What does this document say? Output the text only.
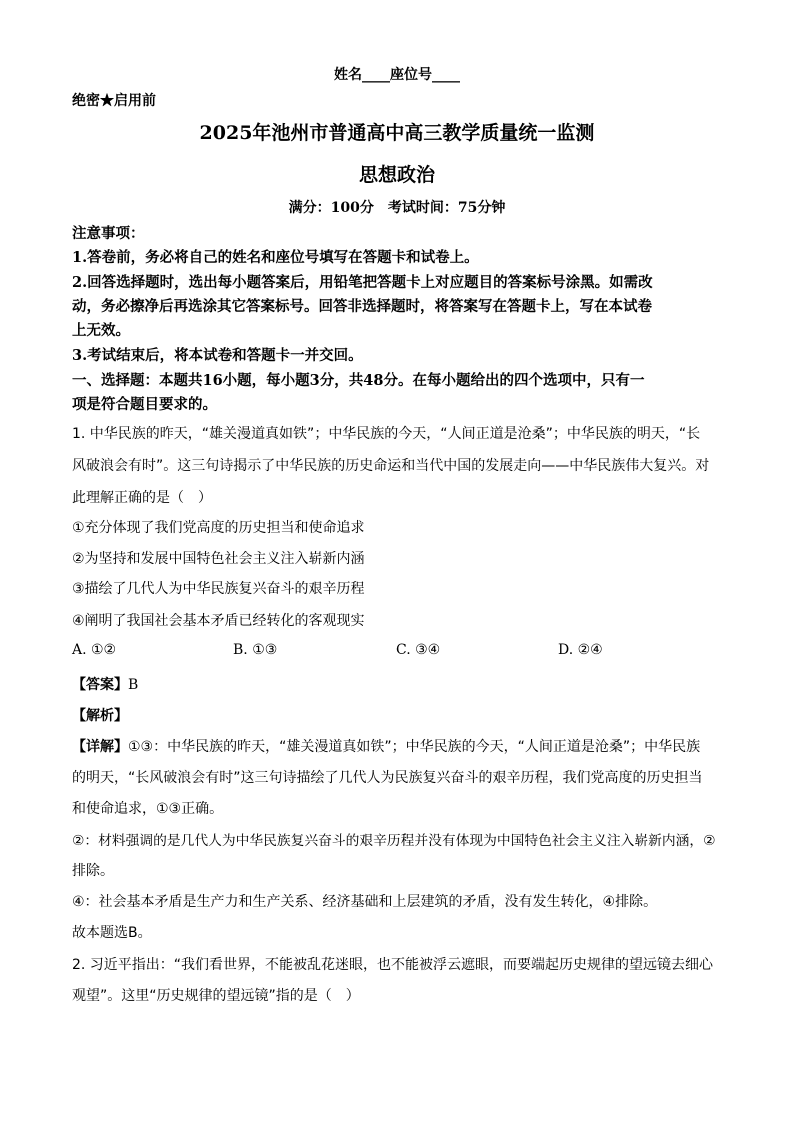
姓名____座位号____
绝密★启用前
2025年池州市普通高中高三教学质量统一监测
思想政治
满分：100分　考试时间：75分钟
注意事项：
1.答卷前，务必将自己的姓名和座位号填写在答题卡和试卷上。
2.回答选择题时，选出每小题答案后，用铅笔把答题卡上对应题目的答案标号涂黑。如需改
动，务必擦净后再选涂其它答案标号。回答非选择题时，将答案写在答题卡上，写在本试卷
上无效。
3.考试结束后，将本试卷和答题卡一并交回。
一、选择题：本题共16小题，每小题3分，共48分。在每小题给出的四个选项中，只有一
项是符合题目要求的。
1. 中华民族的昨天，“雄关漫道真如铁”；中华民族的今天，“人间正道是沧桑”；中华民族的明天，“长
风破浪会有时”。这三句诗揭示了中华民族的历史命运和当代中国的发展走向——中华民族伟大复兴。对
此理解正确的是（　）
①充分体现了我们党高度的历史担当和使命追求
②为坚持和发展中国特色社会主义注入崭新内涵
③描绘了几代人为中华民族复兴奋斗的艰辛历程
④阐明了我国社会基本矛盾已经转化的客观现实
A. ①②	B. ①③	C. ③④	D. ②④
【答案】B
【解析】
【详解】①③：中华民族的昨天，“雄关漫道真如铁”；中华民族的今天，“人间正道是沧桑”；中华民族
的明天，“长风破浪会有时”这三句诗描绘了几代人为民族复兴奋斗的艰辛历程，我们党高度的历史担当
和使命追求，①③正确。
②：材料强调的是几代人为中华民族复兴奋斗的艰辛历程并没有体现为中国特色社会主义注入崭新内涵，②
排除。
④：社会基本矛盾是生产力和生产关系、经济基础和上层建筑的矛盾，没有发生转化，④排除。
故本题选B。
2. 习近平指出：“我们看世界，不能被乱花迷眼，也不能被浮云遮眼，而要端起历史规律的望远镜去细心
观望”。这里“历史规律的望远镜”指的是（　）
